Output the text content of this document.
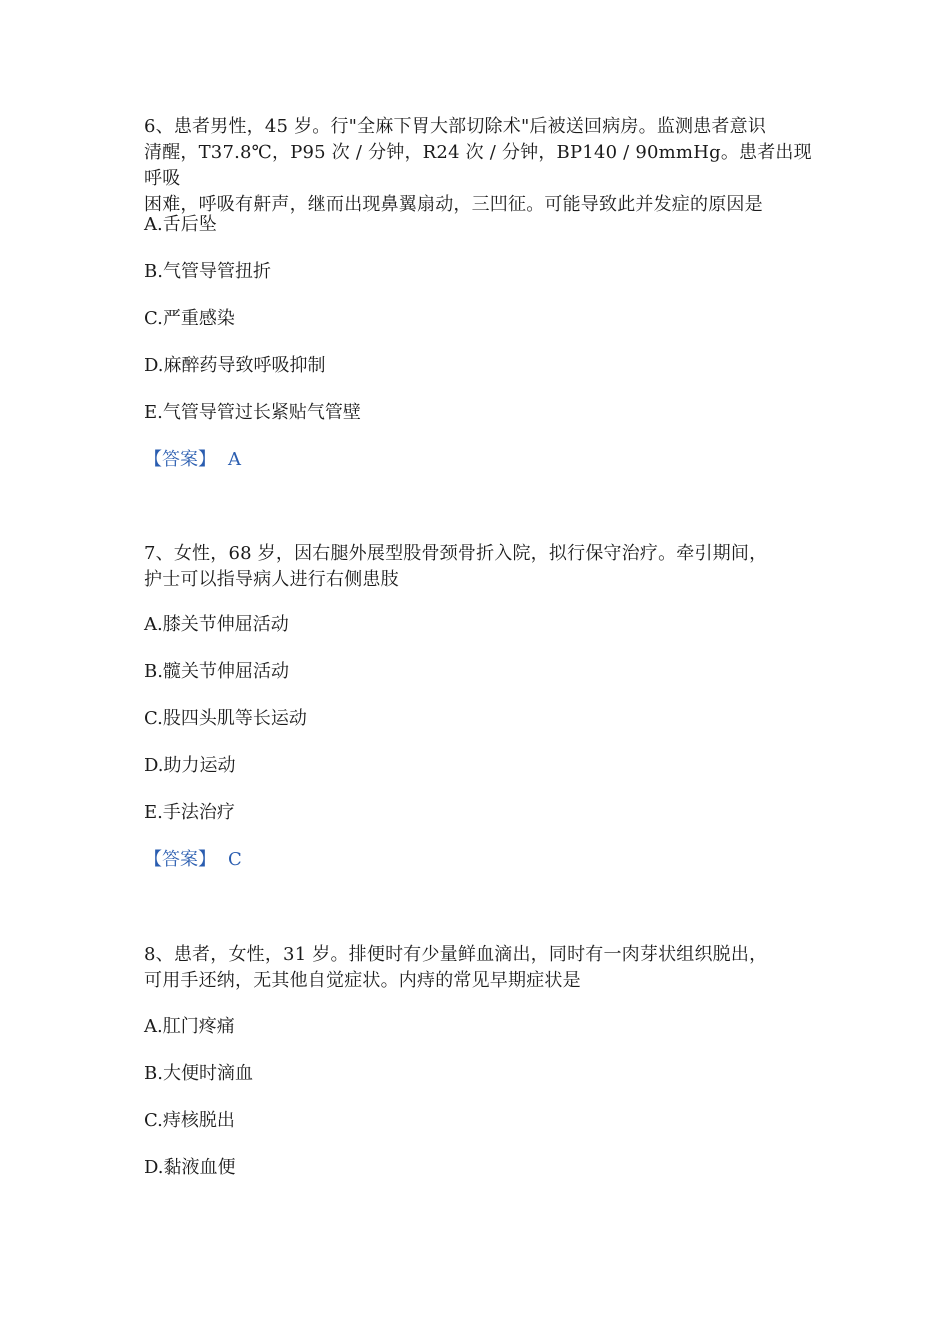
6、患者男性，45 岁。行"全麻下胃大部切除术"后被送回病房。监测患者意识

清醒，T37.8℃，P95 次 / 分钟，R24 次 / 分钟，BP140 / 90mmHg。患者出现呼吸

困难，呼吸有鼾声，继而出现鼻翼扇动，三凹征。可能导致此并发症的原因是

A.舌后坠

B.气管导管扭折

C.严重感染

D.麻醉药导致呼吸抑制

E.气管导管过长紧贴气管壁

【答案】 A

7、女性，68 岁，因右腿外展型股骨颈骨折入院，拟行保守治疗。牵引期间，

护士可以指导病人进行右侧患肢

A.膝关节伸屈活动

B.髋关节伸屈活动

C.股四头肌等长运动

D.助力运动

E.手法治疗

【答案】 C

8、患者，女性，31 岁。排便时有少量鲜血滴出，同时有一肉芽状组织脱出，

可用手还纳，无其他自觉症状。内痔的常见早期症状是

A.肛门疼痛

B.大便时滴血

C.痔核脱出

D.黏液血便
